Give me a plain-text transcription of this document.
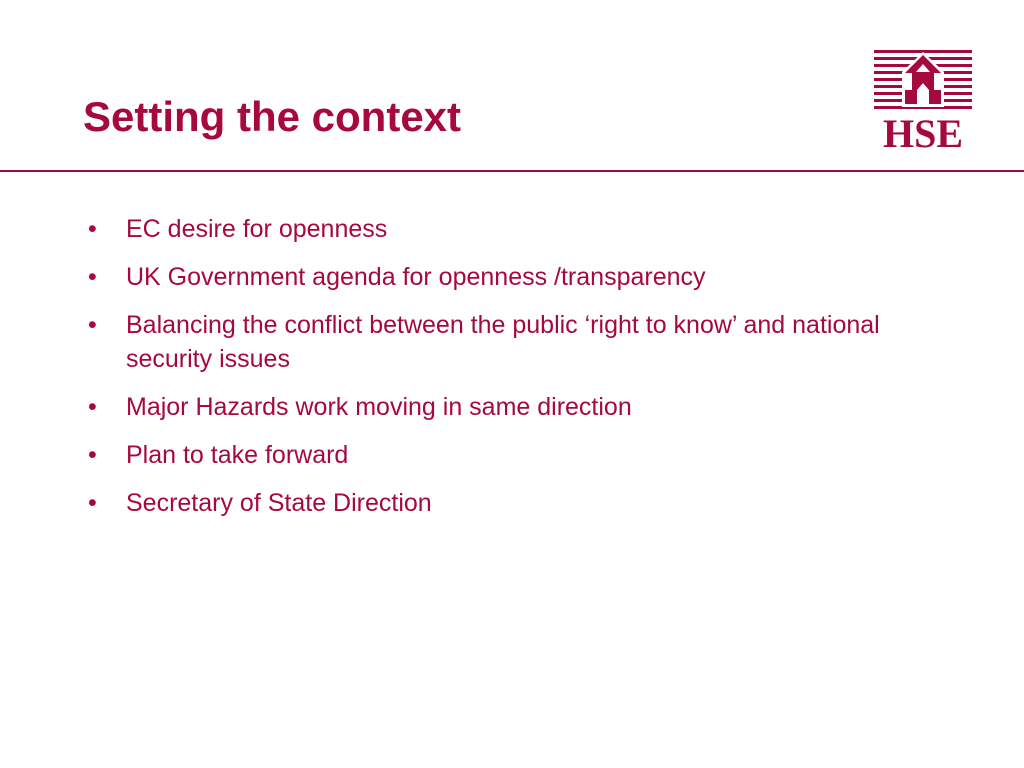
Setting the context	HSE
•	EC desire for openness
•	UK Government agenda for openness /transparency
•	Balancing the conflict between the public ‘right to know’ and national security issues
•	Major Hazards work moving in same direction
•	Plan to take forward
•	Secretary of State Direction
